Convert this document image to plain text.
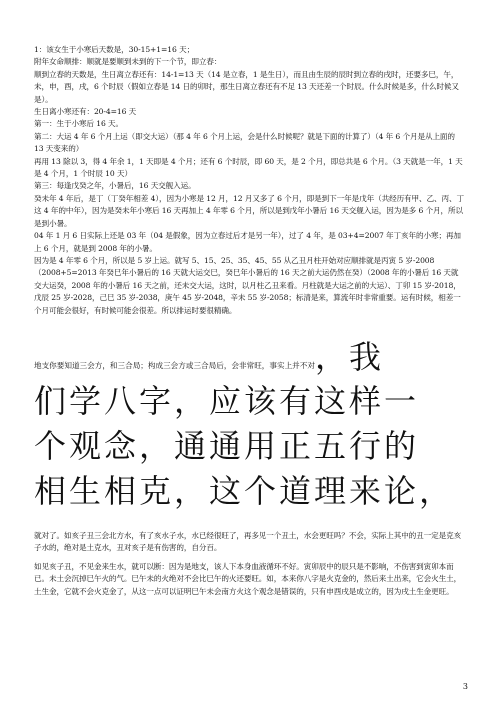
1：该女生于小寒后天数是，30-15+1=16 天；

附年女命顺排：顺就是要顺到未到的下一个节，即立春：

顺到立春的天数是，生日离立春还有：14-1=13 天（14 是立春，1 是生日），而且由生辰的辰时到立春的戌时，还要多巳，午，未，申，酉，戌，6 个时辰（假如立春是 14 日的卯时，那生日离立春还有不足 13 天还差一个时辰。什么时候是多，什么时候又是）。

生日离小寒还有：20-4=16 天

第一：生于小寒后 16 天。

第二：大运 4 年 6 个月上运（即交大运）（那 4 年 6 个月上运，会是什么时候呢？就是下面的计算了）（4 年 6 个月是从上面的 13 天变来的）

再用 13 除以 3，得 4 年余 1，1 天即是 4 个月；还有 6 个时辰，即 60 天，是 2 个月，即总共是 6 个月。（3 天就是一年，1 天是 4 个月，1 个时辰 10 天）

第三：每逢戊癸之年，小暑后，16 天交舰入运。

癸未年 4 年后，是丁（丁癸年相差 4），因为小寒是 12 月，12 月又多了 6 个月，即是到下一年是戊年（共经历有甲、乙、丙、丁这 4 年的中年），因为是癸未年小寒后 16 天再加上 4 年零 6 个月，所以是到戊年小暑后 16 天交舰入运，因为是多 6 个月，所以是到小暑。

04 年 1 月 6 日实际上还是 03 年（04 是假象，因为立春过后才是另一年），过了 4 年，是 03+4=2007 年丁亥年的小寒；再加上 6 个月，就是到 2008 年的小暑。

因为是 4 年零 6 个月，所以是 5 岁上运。就写 5、15、25、35、45、55 从乙丑月柱开始对应顺排就是丙寅 5 岁-2008（2008+5=2013 年癸巳年小暑后的 16 天就大运交巳，癸巳年小暑后的 16 天之前大运仍然在癸）（2008 年的小暑后 16 天就交大运癸，2008 年的小暑后 16 天之前，还未交大运，这时，以月柱乙丑来看。月柱就是大运之前的大运）、丁卯 15 岁-2018，戊辰 25 岁-2028，己巳 35 岁-2038，庚午 45 岁-2048，辛未 55 岁-2058；标清是来，算流年时非常重要。运有时候，相差一个月可能会很好，有时候可能会很差。所以排运时要很精确。

地支你要知道三会方，和三合局；构成三会方或三合局后，会非常旺，事实上并不对，我

们学八字，应该有这样一

个观念，通通用正五行的

相生相克，这个道理来论，

就对了。如亥子丑三会北方水，有了亥水子水，水已经很旺了，再多见一个丑土，水会更旺吗？不会，实际上其中的丑一定是克亥子水的，绝对是土克水，丑对亥子是有伤害的，自分百。

如见亥子丑，不见金来生水，就可以断：因为是地支，该人下本身血液循环不好。寅卯辰中的辰只是不影响，不伤害到寅卯本而已。未土会沉掉巳午火的气。巳午未的火绝对不会比巳午的火还要旺。如，本来你八字是火克金的，然后来土出来，它会火生土，土生金，它就不会火克金了，从这一点可以证明巳午未会南方火这个观念是错误的，只有申酉戌是成立的，因为戌土生金更旺。

3
